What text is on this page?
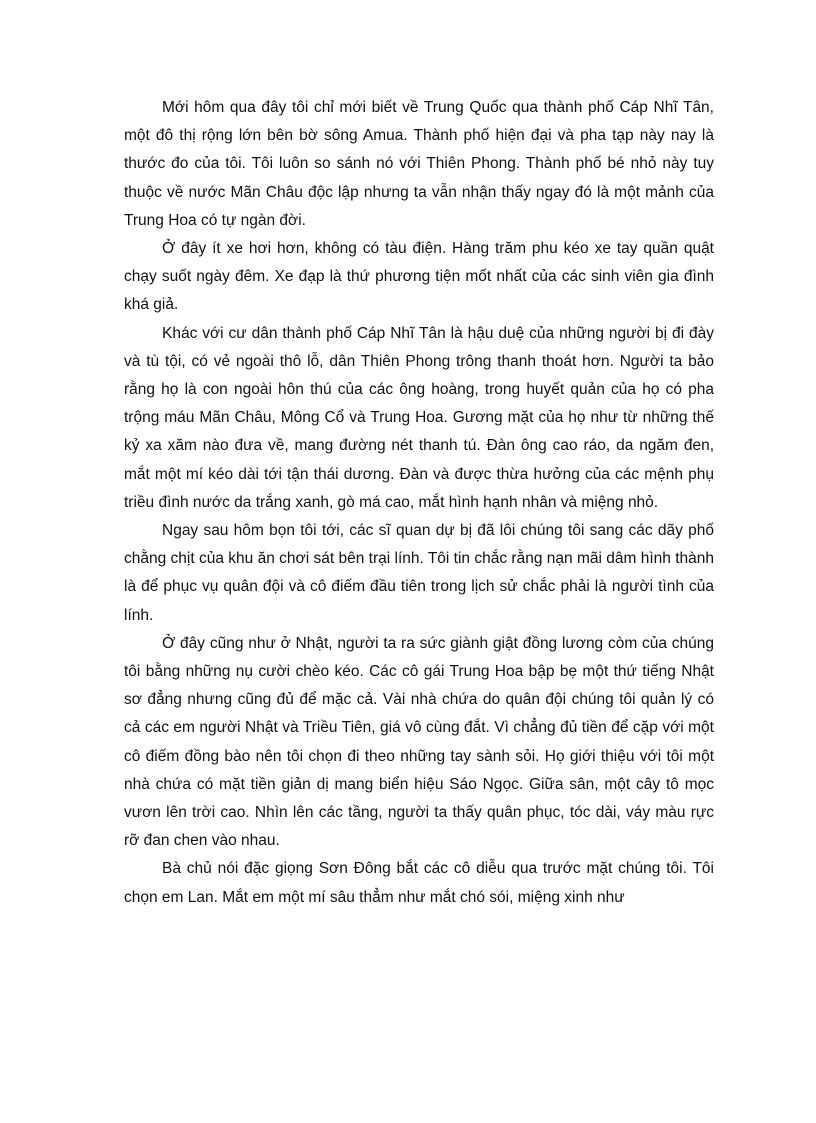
Mới hôm qua đây tôi chỉ mới biết về Trung Quốc qua thành phố Cáp Nhĩ Tân, một đô thị rộng lớn bên bờ sông Amua. Thành phố hiện đại và pha tạp này nay là thước đo của tôi. Tôi luôn so sánh nó với Thiên Phong. Thành phố bé nhỏ này tuy thuộc về nước Mãn Châu độc lập nhưng ta vẫn nhận thấy ngay đó là một mảnh của Trung Hoa có tự ngàn đời.

Ở đây ít xe hơi hơn, không có tàu điện. Hàng trăm phu kéo xe tay quần quật chạy suốt ngày đêm. Xe đạp là thứ phương tiện mốt nhất của các sinh viên gia đình khá giả.

Khác với cư dân thành phố Cáp Nhĩ Tân là hậu duệ của những người bị đi đày và tù tội, có vẻ ngoài thô lỗ, dân Thiên Phong trông thanh thoát hơn. Người ta bảo rằng họ là con ngoài hôn thú của các ông hoàng, trong huyết quản của họ có pha trộng máu Mãn Châu, Mông Cổ và Trung Hoa. Gương mặt của họ như từ những thế kỷ xa xăm nào đưa về, mang đường nét thanh tú. Đàn ông cao ráo, da ngăm đen, mắt một mí kéo dài tới tận thái dương. Đàn và được thừa hưởng của các mệnh phụ triều đình nước da trắng xanh, gò má cao, mắt hình hạnh nhân và miệng nhỏ.

Ngay sau hôm bọn tôi tới, các sĩ quan dự bị đã lôi chúng tôi sang các dãy phố chằng chịt của khu ăn chơi sát bên trại lính. Tôi tin chắc rằng nạn mãi dâm hình thành là để phục vụ quân đội và cô điếm đầu tiên trong lịch sử chắc phải là người tình của lính.

Ở đây cũng như ở Nhật, người ta ra sức giành giật đồng lương còm của chúng tôi bằng những nụ cười chèo kéo. Các cô gái Trung Hoa bập bẹ một thứ tiếng Nhật sơ đẳng nhưng cũng đủ để mặc cả. Vài nhà chứa do quân đội chúng tôi quản lý có cả các em người Nhật và Triều Tiên, giá vô cùng đắt. Vì chẳng đủ tiền để cặp với một cô điếm đồng bào nên tôi chọn đi theo những tay sành sỏi. Họ giới thiệu với tôi một nhà chứa có mặt tiền giản dị mang biển hiệu Sáo Ngọc. Giữa sân, một cây tô mọc vươn lên trời cao. Nhìn lên các tầng, người ta thấy quân phục, tóc dài, váy màu rực rỡ đan chen vào nhau.

Bà chủ nói đặc giọng Sơn Đông bắt các cô diễu qua trước mặt chúng tôi. Tôi chọn em Lan. Mắt em một mí sâu thẳm như mắt chó sói, miệng xinh như
